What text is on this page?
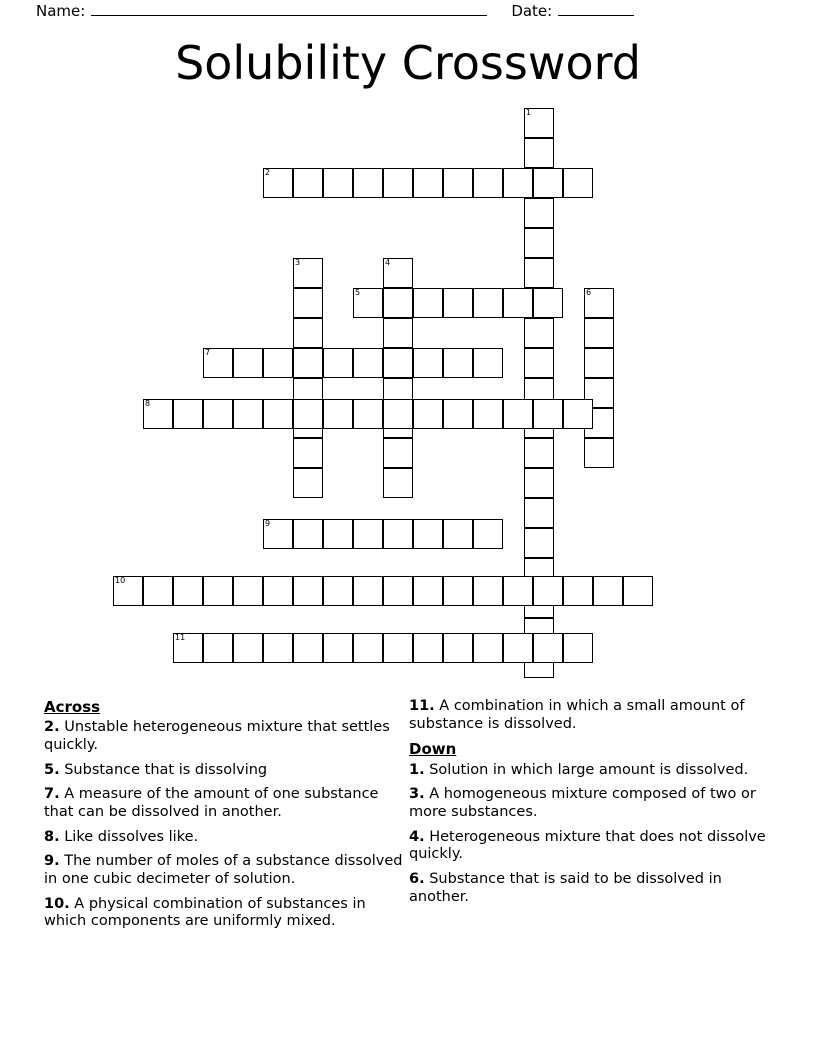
Name:	Date:
Solubility Crossword
1
2
3	4
5	6
7
8
9
10
11
Across
2. Unstable heterogeneous mixture that settles quickly.
5. Substance that is dissolving
7. A measure of the amount of one substance that can be dissolved in another.
8. Like dissolves like.
9. The number of moles of a substance dissolved in one cubic decimeter of solution.
10. A physical combination of substances in which components are uniformly mixed.
11. A combination in which a small amount of substance is dissolved.
Down
1. Solution in which large amount is dissolved.
3. A homogeneous mixture composed of two or more substances.
4. Heterogeneous mixture that does not dissolve quickly.
6. Substance that is said to be dissolved in another.
